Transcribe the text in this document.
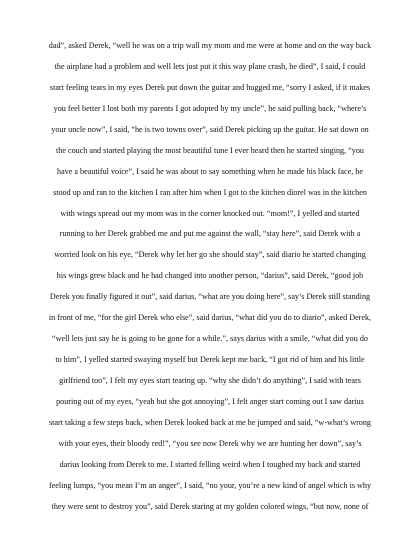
dad”, asked Derek, “well he was on a trip wall my mom and me were at home and on the way back
the airplane had a problem and well lets just put it this way plane crash, he died”, I said, I could
start feeling tears in my eyes Derek put down the guitar and hugged me, “sorry I asked, if it makes
you feel better I lost both my parents I got adopted by my uncle”, he said pulling back, “where’s
your uncle now”, I said, “he is two towns over”, said Derek picking up the guitar. He sat down on
the couch and started playing the most beautiful tune I ever heard then he started singing, “you
have a beautiful voice”, I said he was about to say something when he made his black face, he
stood up and ran to the kitchen I ran after him when I got to the kitchen diorel was in the kitchen
with wings spread out my mom was in the corner knocked out. “mom!”, I yelled and started
running to her Derek grabbed me and put me against the wall, “stay here”, said Derek with a
worried look on his eye, “Derek why let her go she should stay”, said diario he started changing
his wings grew black and he had changed into another person, “darius”, said Derek, “good job
Derek you finally figured it out”, said darius, “what are you doing here”, say’s Derek still standing
in front of me, “for the girl Derek who else”, said darius, “what did you do to diario”, asked Derek,
“well lets just say he is going to be gone for a while.”, says darius with a smile, “what did you do
to him”, I yelled started swaying myself but Derek kept me back, “I got rid of him and his little
girlfriend too”, I felt my eyes start tearing up. “why she didn’t do anything”, I said with tears
pouring out of my eyes, “yeah but she got annoying”, I felt anger start coming out I saw darius
start taking a few steps back, when Derek looked back at me he jumped and said, “w-what’s wrong
with your eyes, their bloody red!”, “you see now Derek why we are hunting her down”, say’s
darius looking from Derek to me. I started felling weird when I toughed my back and started
feeling lumps, “you mean I’m an anger”, I said, “no your, you’re a new kind of angel which is why
they were sent to destroy you”, said Derek staring at my golden colored wings, “but now, none of
